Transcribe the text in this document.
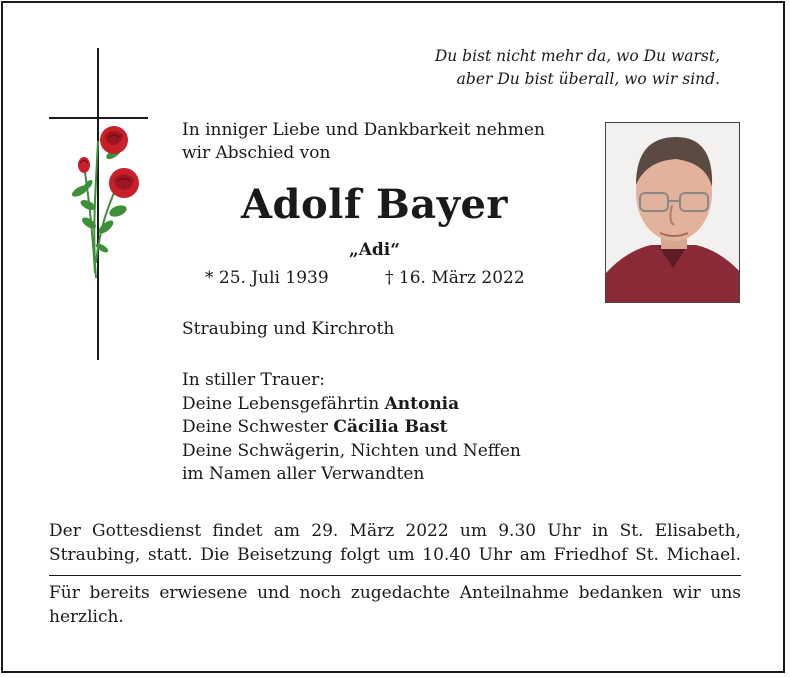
Du bist nicht mehr da, wo Du warst,
aber Du bist überall, wo wir sind.
In inniger Liebe und Dankbarkeit nehmen
wir Abschied von
Adolf Bayer
„Adi“
* 25. Juli 1939	† 16. März 2022
Straubing und Kirchroth
In stiller Trauer:
Deine Lebensgefährtin Antonia
Deine Schwester Cäcilia Bast
Deine Schwägerin, Nichten und Neffen
im Namen aller Verwandten
Der Gottesdienst findet am 29. März 2022 um 9.30 Uhr in St. Elisabeth,
Straubing, statt. Die Beisetzung folgt um 10.40 Uhr am Friedhof St. Michael.
Für bereits erwiesene und noch zugedachte Anteilnahme bedanken wir uns herzlich.
